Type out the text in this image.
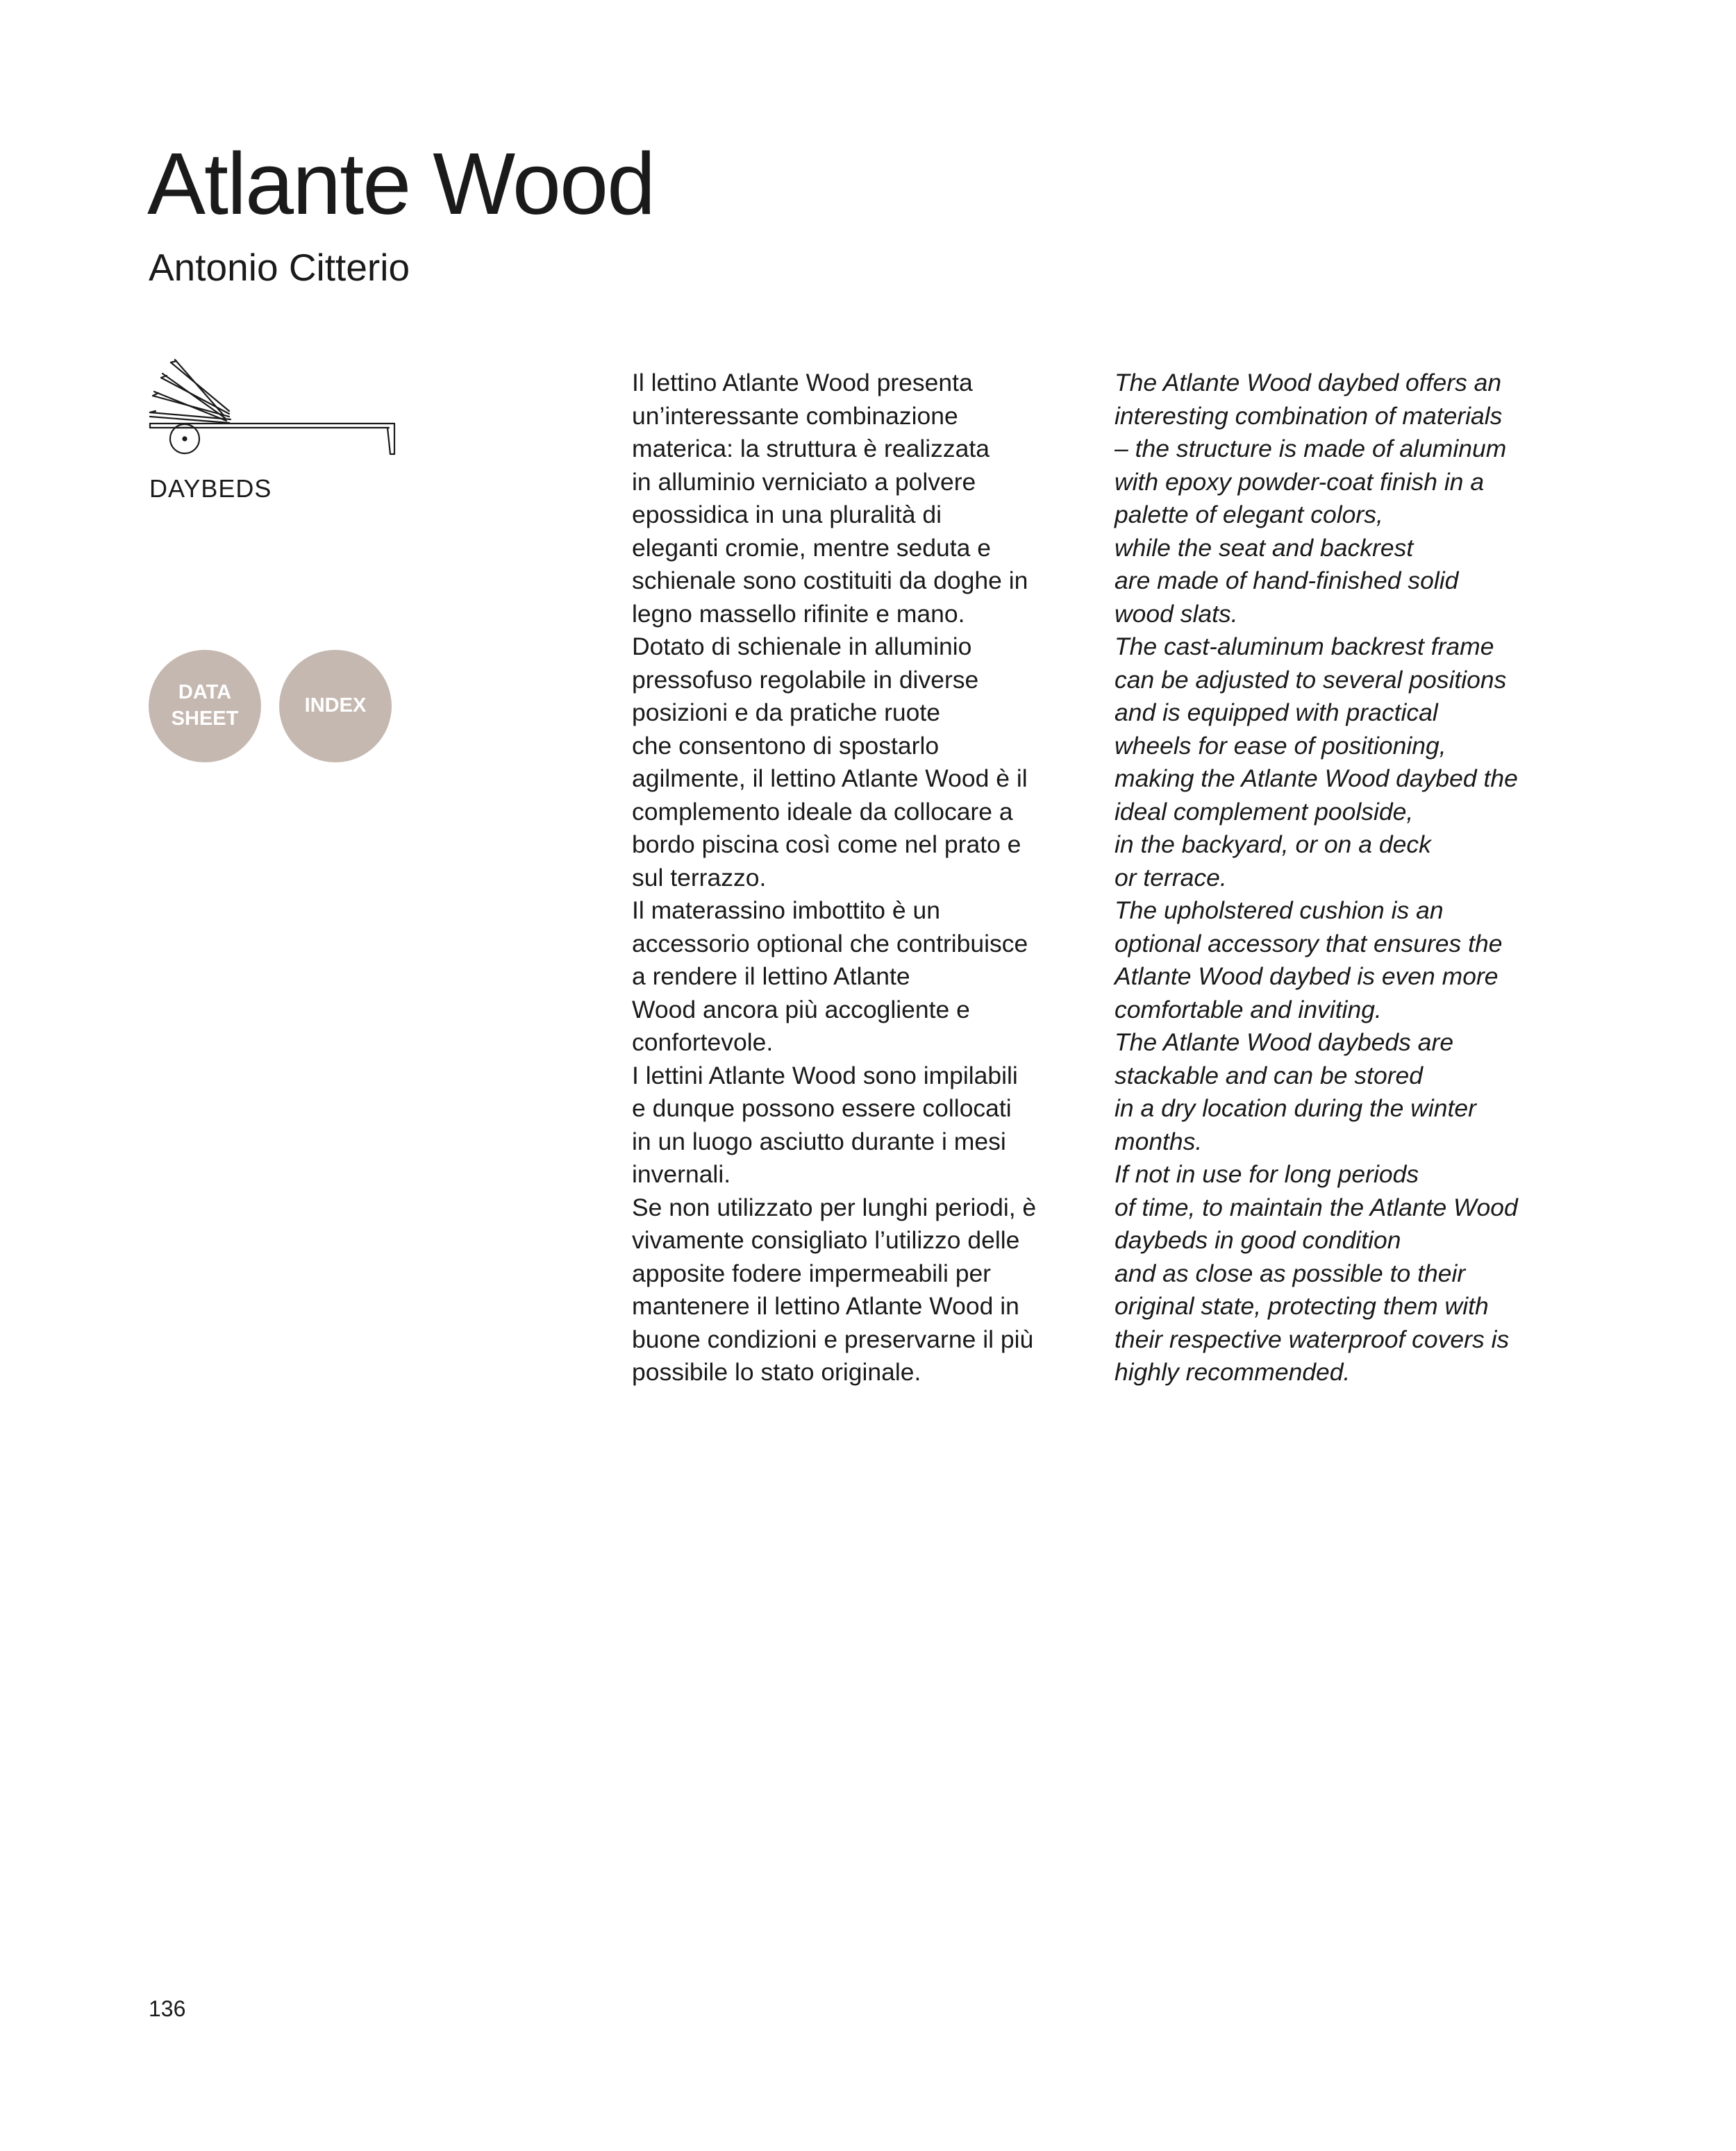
Atlante Wood
Antonio Citterio
DAYBEDS
DATA SHEET
INDEX
Il lettino Atlante Wood presenta
un’interessante combinazione
materica: la struttura è realizzata
in alluminio verniciato a polvere
epossidica in una pluralità di
eleganti cromie, mentre seduta e
schienale sono costituiti da doghe in
legno massello rifinite e mano.
Dotato di schienale in alluminio
pressofuso regolabile in diverse
posizioni e da pratiche ruote
che consentono di spostarlo
agilmente, il lettino Atlante Wood è il
complemento ideale da collocare a
bordo piscina così come nel prato e
sul terrazzo.
Il materassino imbottito è un
accessorio optional che contribuisce
a rendere il lettino Atlante
Wood ancora più accogliente e
confortevole.
I lettini Atlante Wood sono impilabili
e dunque possono essere collocati
in un luogo asciutto durante i mesi
invernali.
Se non utilizzato per lunghi periodi, è
vivamente consigliato l’utilizzo delle
apposite fodere impermeabili per
mantenere il lettino Atlante Wood in
buone condizioni e preservarne il più
possibile lo stato originale.
The Atlante Wood daybed offers an
interesting combination of materials
– the structure is made of aluminum
with epoxy powder-coat finish in a
palette of elegant colors,
while the seat and backrest
are made of hand-finished solid
wood slats.
The cast-aluminum backrest frame
can be adjusted to several positions
and is equipped with practical
wheels for ease of positioning,
making the Atlante Wood daybed the
ideal complement poolside,
in the backyard, or on a deck
or terrace.
The upholstered cushion is an
optional accessory that ensures the
Atlante Wood daybed is even more
comfortable and inviting.
The Atlante Wood daybeds are
stackable and can be stored
in a dry location during the winter
months.
If not in use for long periods
of time, to maintain the Atlante Wood
daybeds in good condition
and as close as possible to their
original state, protecting them with
their respective waterproof covers is
highly recommended.
136
